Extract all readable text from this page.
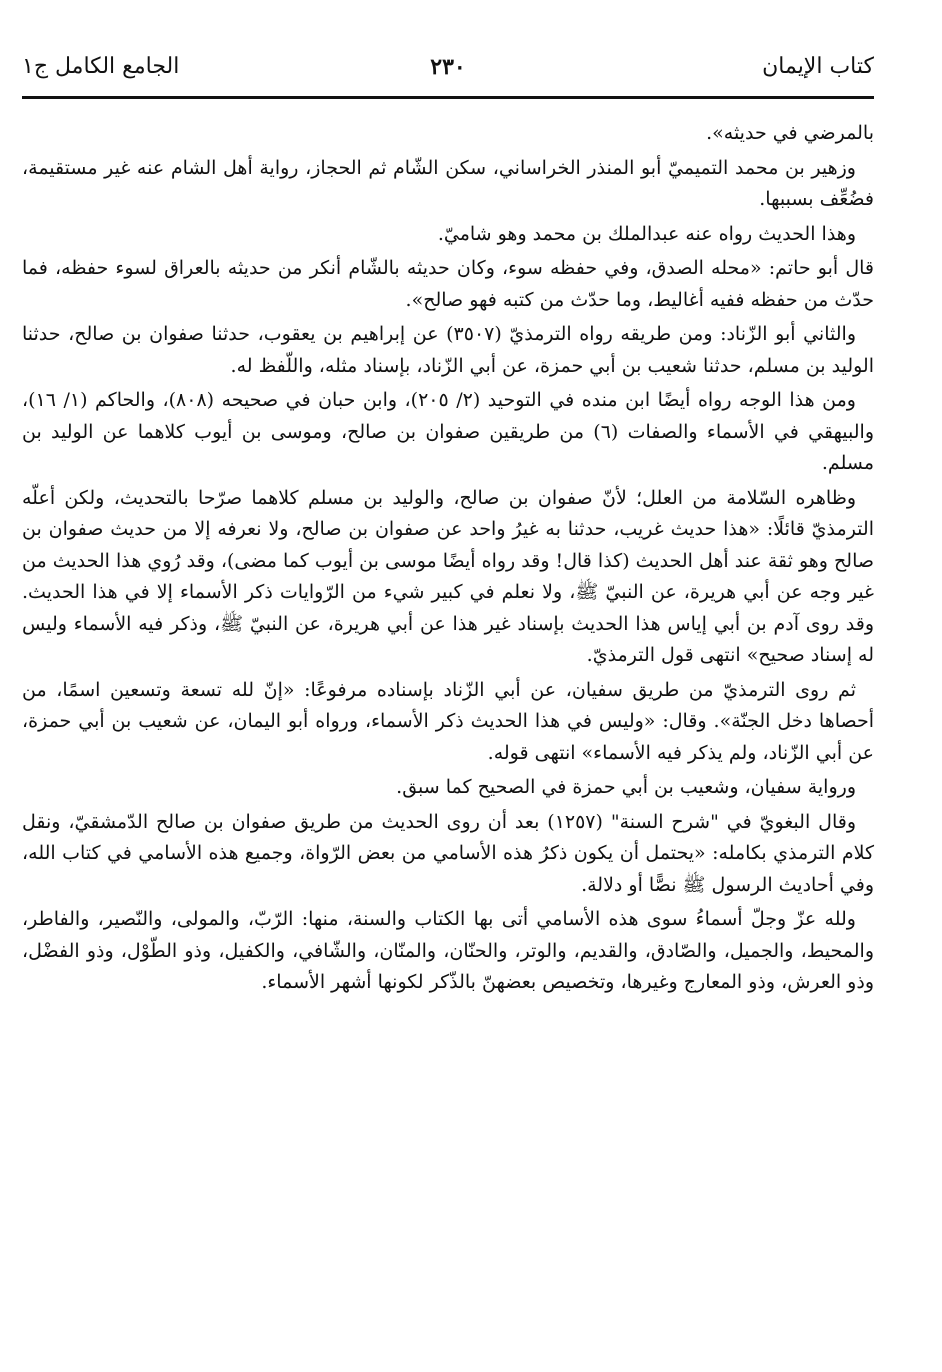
كتاب الإيمان
٢٣٠
الجامع الكامل ج١

بالمرضي في حديثه».

وزهير بن محمد التميميّ أبو المنذر الخراساني، سكن الشّام ثم الحجاز، رواية أهل الشام عنه غير مستقيمة، فضُعِّف بسببها.

وهذا الحديث رواه عنه عبدالملك بن محمد وهو شاميّ.

قال أبو حاتم: «محله الصدق، وفي حفظه سوء، وكان حديثه بالشّام أنكر من حديثه بالعراق لسوء حفظه، فما حدّث من حفظه ففيه أغاليط، وما حدّث من كتبه فهو صالح».

والثاني أبو الزّناد: ومن طريقه رواه الترمذيّ (٣٥٠٧) عن إبراهيم بن يعقوب، حدثنا صفوان بن صالح، حدثنا الوليد بن مسلم، حدثنا شعيب بن أبي حمزة، عن أبي الزّناد، بإسناد مثله، واللّفظ له.

ومن هذا الوجه رواه أيضًا ابن منده في التوحيد (٢/ ٢٠٥)، وابن حبان في صحيحه (٨٠٨)، والحاكم (١/ ١٦)، والبيهقي في الأسماء والصفات (٦) من طريقين صفوان بن صالح، وموسى بن أيوب كلاهما عن الوليد بن مسلم.

وظاهره السّلامة من العلل؛ لأنّ صفوان بن صالح، والوليد بن مسلم كلاهما صرّحا بالتحديث، ولكن أعلّه الترمذيّ قائلًا: «هذا حديث غريب، حدثنا به غيرُ واحد عن صفوان بن صالح، ولا نعرفه إلا من حديث صفوان بن صالح وهو ثقة عند أهل الحديث (كذا قال! وقد رواه أيضًا موسى بن أيوب كما مضى)، وقد رُوي هذا الحديث من غير وجه عن أبي هريرة، عن النبيّ ﷺ، ولا نعلم في كبير شيء من الرّوايات ذكر الأسماء إلا في هذا الحديث. وقد روى آدم بن أبي إياس هذا الحديث بإسناد غير هذا عن أبي هريرة، عن النبيّ ﷺ، وذكر فيه الأسماء وليس له إسناد صحيح» انتهى قول الترمذيّ.

ثم روى الترمذيّ من طريق سفيان، عن أبي الزّناد بإسناده مرفوعًا: «إنّ لله تسعة وتسعين اسمًا، من أحصاها دخل الجنّة». وقال: «وليس في هذا الحديث ذكر الأسماء، ورواه أبو اليمان، عن شعيب بن أبي حمزة، عن أبي الزّناد، ولم يذكر فيه الأسماء» انتهى قوله.

ورواية سفيان، وشعيب بن أبي حمزة في الصحيح كما سبق.

وقال البغويّ في "شرح السنة" (١٢٥٧) بعد أن روى الحديث من طريق صفوان بن صالح الدّمشقيّ، ونقل كلام الترمذي بكامله: «يحتمل أن يكون ذكرُ هذه الأسامي من بعض الرّواة، وجميع هذه الأسامي في كتاب الله، وفي أحاديث الرسول ﷺ نصًّا أو دلالة.

ولله عزّ وجلّ أسماءُ سوى هذه الأسامي أتى بها الكتاب والسنة، منها: الرّبّ، والمولى، والنّصير، والفاطر، والمحيط، والجميل، والصّادق، والقديم، والوتر، والحنّان، والمنّان، والشّافي، والكفيل، وذو الطّوْل، وذو الفضْل، وذو العرش، وذو المعارج وغيرها، وتخصيص بعضهنّ بالذّكر لكونها أشهر الأسماء.
